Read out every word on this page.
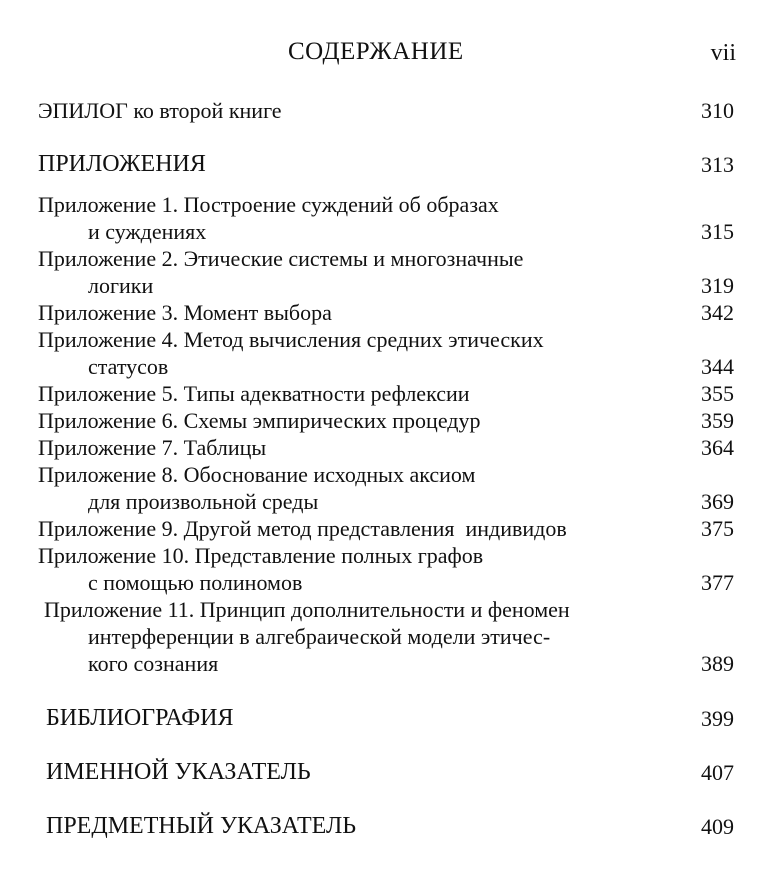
СОДЕРЖАНИЕ	vii
ЭПИЛОГ ко второй книге	310
ПРИЛОЖЕНИЯ	313
Приложение 1. Построение суждений об образах
и суждениях	315
Приложение 2. Этические системы и многозначные
логики	319
Приложение 3. Момент выбора	342
Приложение 4. Метод вычисления средних этических
статусов	344
Приложение 5. Типы адекватности рефлексии	355
Приложение 6. Схемы эмпирических процедур	359
Приложение 7. Таблицы	364
Приложение 8. Обоснование исходных аксиом
для произвольной среды	369
Приложение 9. Другой метод представления  индивидов	375
Приложение 10. Представление полных графов
с помощью полиномов	377
Приложение 11. Принцип дополнительности и феномен
интерференции в алгебраической модели этичес-
кого сознания	389
БИБЛИОГРАФИЯ	399
ИМЕННОЙ УКАЗАТЕЛЬ	407
ПРЕДМЕТНЫЙ УКАЗАТЕЛЬ	409
